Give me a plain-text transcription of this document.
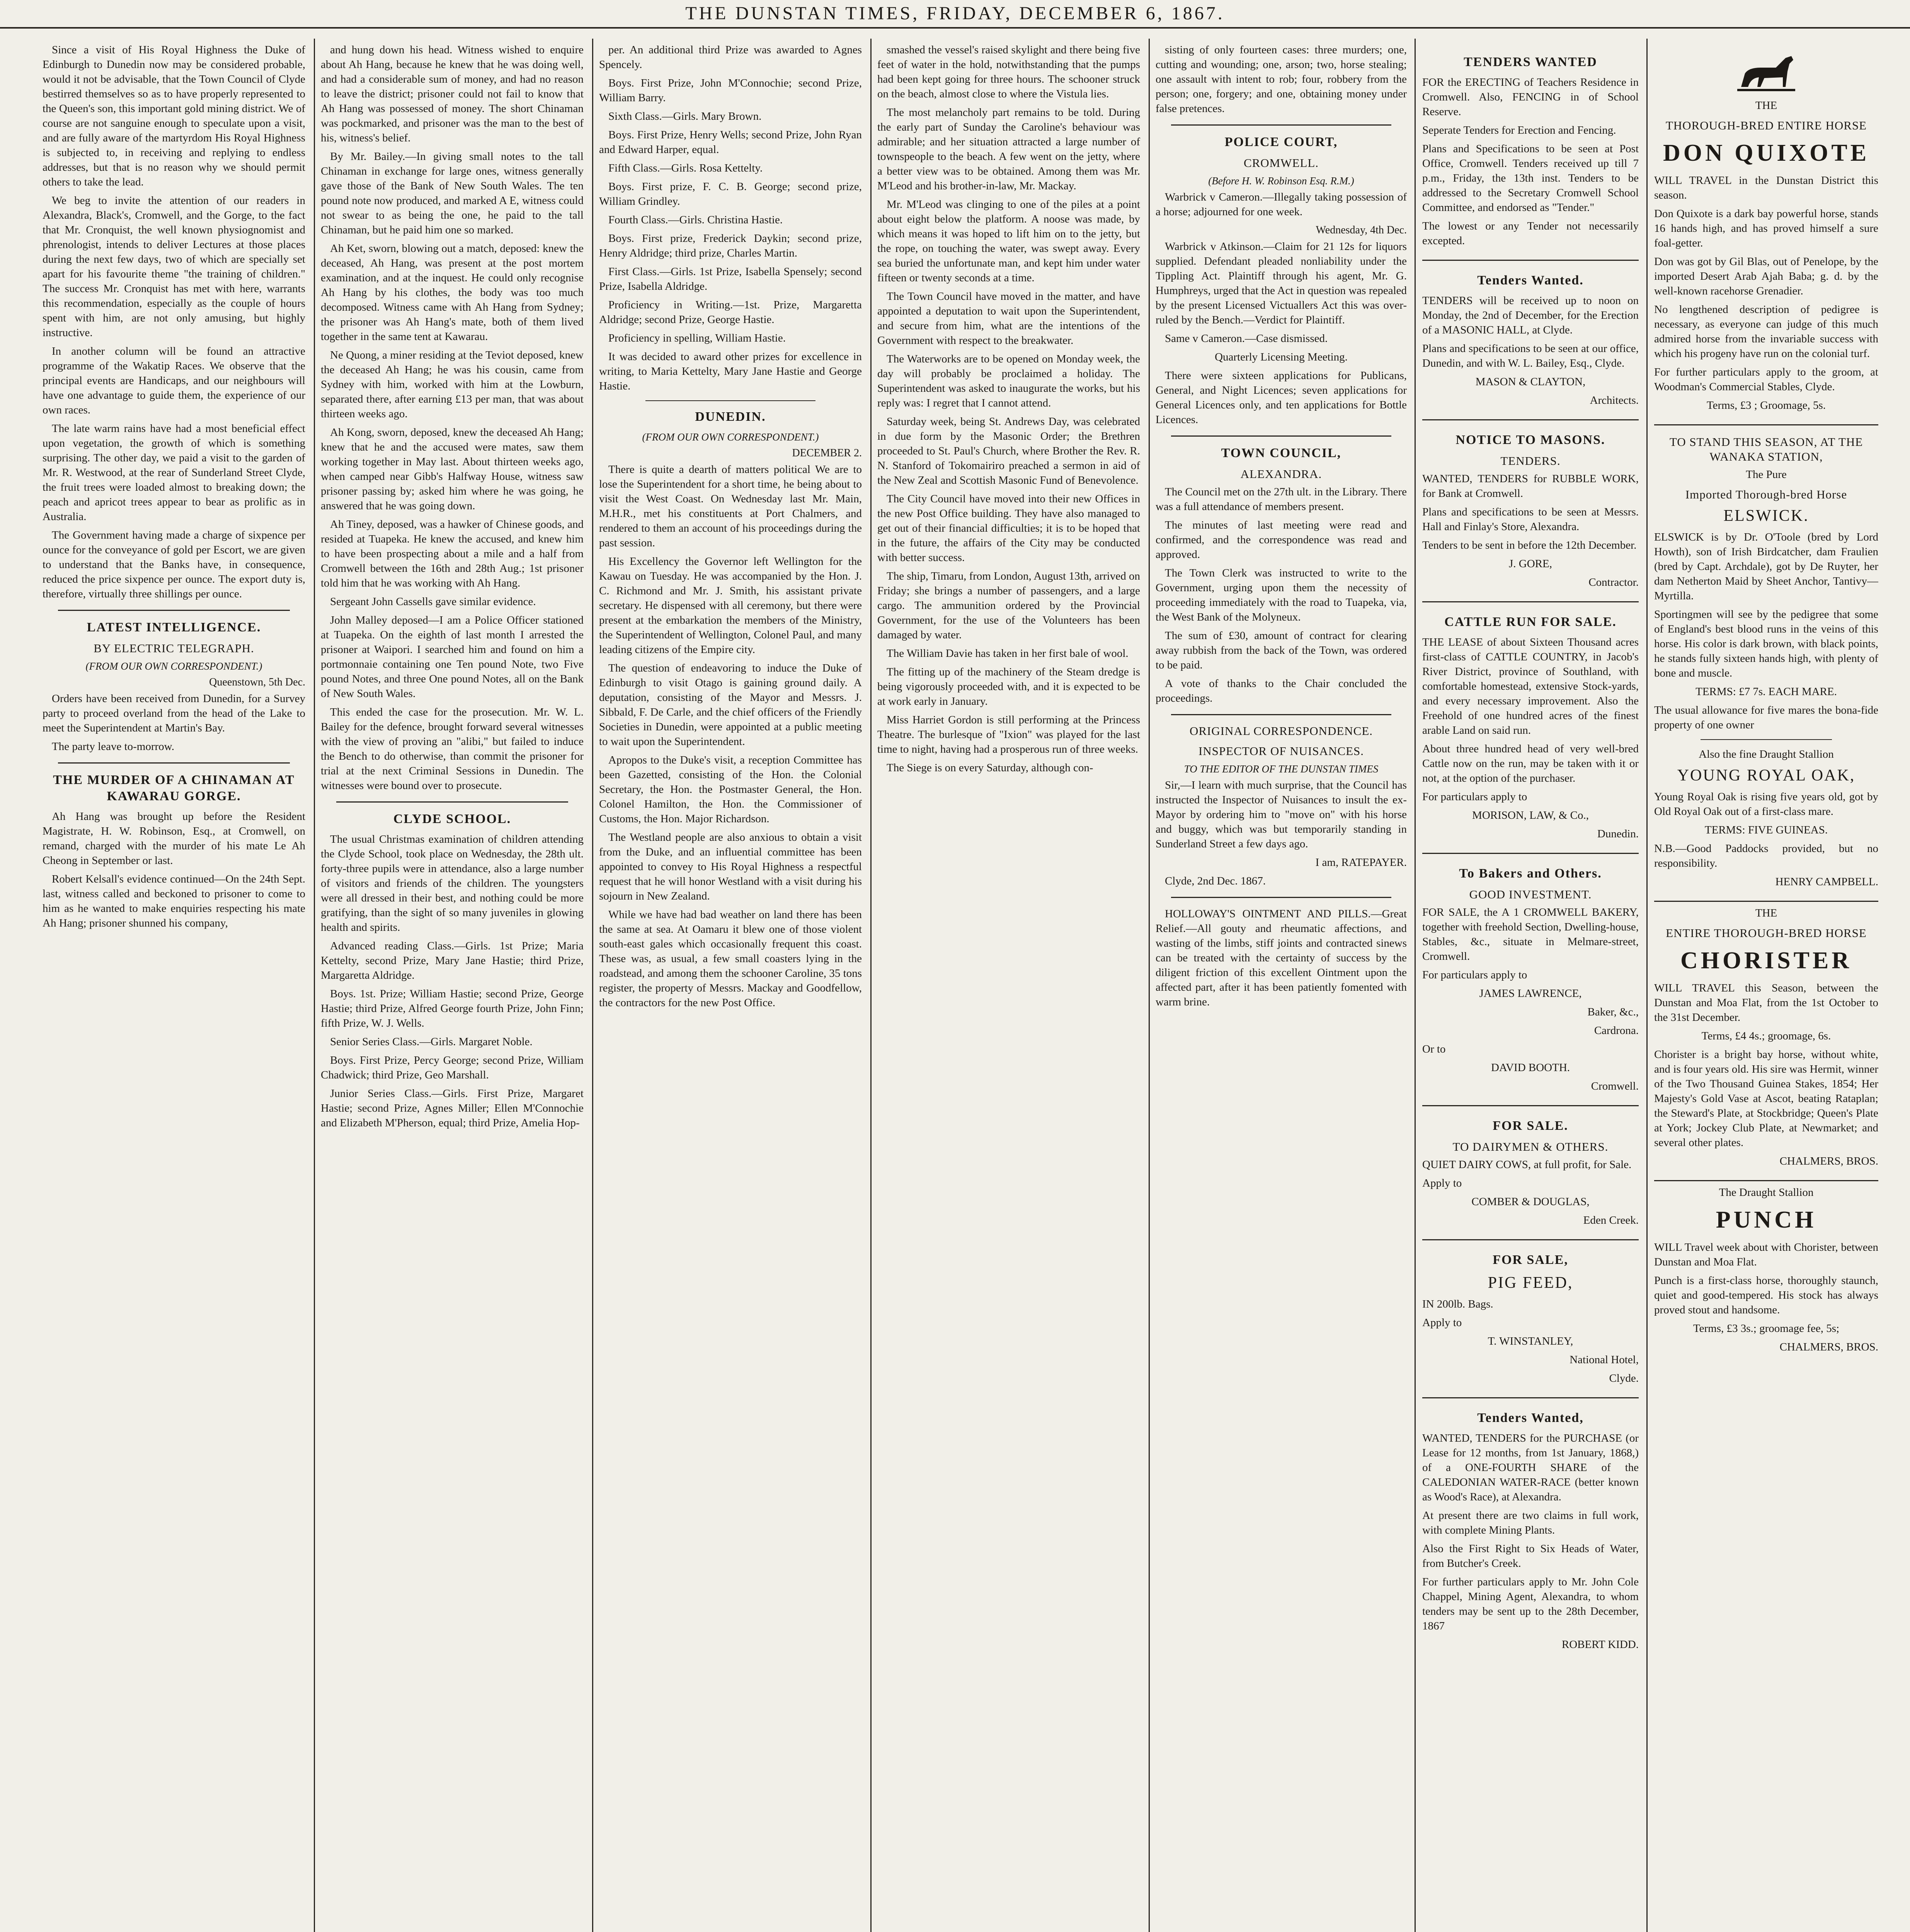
THE DUNSTAN TIMES, FRIDAY, DECEMBER 6, 1867.

Since a visit of His Royal Highness the Duke of Edinburgh to Dunedin now may be considered probable, would it not be advisable, that the Town Council of Clyde bestirred themselves so as to have properly represented to the Queen's son, this important gold mining district. We of course are not sanguine enough to speculate upon a visit, and are fully aware of the martyrdom His Royal Highness is subjected to, in receiving and replying to endless addresses, but that is no reason why we should permit others to take the lead.

We beg to invite the attention of our readers in Alexandra, Black's, Cromwell, and the Gorge, to the fact that Mr. Cronquist, the well known physiognomist and phrenologist, intends to deliver Lectures at those places during the next few days, two of which are specially set apart for his favourite theme "the training of children." The success Mr. Cronquist has met with here, warrants this recommendation, especially as the couple of hours spent with him, are not only amusing, but highly instructive.

In another column will be found an attractive programme of the Wakatip Races. We observe that the principal events are Handicaps, and our neighbours will have one advantage to guide them, the experience of our own races.

The late warm rains have had a most beneficial effect upon vegetation, the growth of which is something surprising. The other day, we paid a visit to the garden of Mr. R. Westwood, at the rear of Sunderland Street Clyde, the fruit trees were loaded almost to breaking down; the peach and apricot trees appear to bear as prolific as in Australia.

The Government having made a charge of sixpence per ounce for the conveyance of gold per Escort, we are given to understand that the Banks have, in consequence, reduced the price sixpence per ounce. The export duty is, therefore, virtually three shillings per ounce.

LATEST INTELLIGENCE.
BY ELECTRIC TELEGRAPH.
(FROM OUR OWN CORRESPONDENT.)
Queenstown, 5th Dec.

Orders have been received from Dunedin, for a Survey party to proceed overland from the head of the Lake to meet the Superintendent at Martin's Bay.

The party leave to-morrow.

THE MURDER OF A CHINAMAN AT KAWARAU GORGE.

Ah Hang was brought up before the Resident Magistrate, H. W. Robinson, Esq., at Cromwell, on remand, charged with the murder of his mate Le Ah Cheong in September or last.

Robert Kelsall's evidence continued—On the 24th Sept. last, witness called and beckoned to prisoner to come to him as he wanted to make enquiries respecting his mate Ah Hang; prisoner shunned his company,

and hung down his head. Witness wished to enquire about Ah Hang, because he knew that he was doing well, and had a considerable sum of money, and had no reason to leave the district; prisoner could not fail to know that Ah Hang was possessed of money. The short Chinaman was pockmarked, and prisoner was the man to the best of his, witness's belief.

By Mr. Bailey.—In giving small notes to the tall Chinaman in exchange for large ones, witness generally gave those of the Bank of New South Wales. The ten pound note now produced, and marked A E, witness could not swear to as being the one, he paid to the tall Chinaman, but he paid him one so marked.

Ah Ket, sworn, blowing out a match, deposed: knew the deceased, Ah Hang, was present at the post mortem examination, and at the inquest. He could only recognise Ah Hang by his clothes, the body was too much decomposed. Witness came with Ah Hang from Sydney; the prisoner was Ah Hang's mate, both of them lived together in the same tent at Kawarau.

Ne Quong, a miner residing at the Teviot deposed, knew the deceased Ah Hang; he was his cousin, came from Sydney with him, worked with him at the Lowburn, separated there, after earning £13 per man, that was about thirteen weeks ago.

Ah Kong, sworn, deposed, knew the deceased Ah Hang; knew that he and the accused were mates, saw them working together in May last. About thirteen weeks ago, when camped near Gibb's Halfway House, witness saw prisoner passing by; asked him where he was going, he answered that he was going down.

Ah Tiney, deposed, was a hawker of Chinese goods, and resided at Tuapeka. He knew the accused, and knew him to have been prospecting about a mile and a half from Cromwell between the 16th and 28th Aug.; 1st prisoner told him that he was working with Ah Hang.

Sergeant John Cassells gave similar evidence.

John Malley deposed—I am a Police Officer stationed at Tuapeka. On the eighth of last month I arrested the prisoner at Waipori. I searched him and found on him a portmonnaie containing one Ten pound Note, two Five pound Notes, and three One pound Notes, all on the Bank of New South Wales.

This ended the case for the prosecution. Mr. W. L. Bailey for the defence, brought forward several witnesses with the view of proving an "alibi," but failed to induce the Bench to do otherwise, than commit the prisoner for trial at the next Criminal Sessions in Dunedin. The witnesses were bound over to prosecute.

CLYDE SCHOOL.

The usual Christmas examination of children attending the Clyde School, took place on Wednesday, the 28th ult. forty-three pupils were in attendance, also a large number of visitors and friends of the children. The youngsters were all dressed in their best, and nothing could be more gratifying, than the sight of so many juveniles in glowing health and spirits.

Advanced reading Class.—Girls. 1st Prize; Maria Kettelty, second Prize, Mary Jane Hastie; third Prize, Margaretta Aldridge.

Boys. 1st. Prize; William Hastie; second Prize, George Hastie; third Prize, Alfred George fourth Prize, John Finn; fifth Prize, W. J. Wells.

Senior Series Class.—Girls. Margaret Noble.

Boys. First Prize, Percy George; second Prize, William Chadwick; third Prize, Geo Marshall.

Junior Series Class.—Girls. First Prize, Margaret Hastie; second Prize, Agnes Miller; Ellen M'Connochie and Elizabeth M'Pherson, equal; third Prize, Amelia Hop-

per. An additional third Prize was awarded to Agnes Spencely.

Boys. First Prize, John M'Connochie; second Prize, William Barry.

Sixth Class.—Girls. Mary Brown.

Boys. First Prize, Henry Wells; second Prize, John Ryan and Edward Harper, equal.

Fifth Class.—Girls. Rosa Kettelty.

Boys. First prize, F. C. B. George; second prize, William Grindley.

Fourth Class.—Girls. Christina Hastie.

Boys. First prize, Frederick Daykin; second prize, Henry Aldridge; third prize, Charles Martin.

First Class.—Girls. 1st Prize, Isabella Spensely; second Prize, Isabella Aldridge.

Proficiency in Writing.—1st. Prize, Margaretta Aldridge; second Prize, George Hastie.

Proficiency in spelling, William Hastie.

It was decided to award other prizes for excellence in writing, to Maria Kettelty, Mary Jane Hastie and George Hastie.

DUNEDIN.
(FROM OUR OWN CORRESPONDENT.)
DECEMBER 2.

There is quite a dearth of matters political We are to lose the Superintendent for a short time, he being about to visit the West Coast. On Wednesday last Mr. Main, M.H.R., met his constituents at Port Chalmers, and rendered to them an account of his proceedings during the past session.

His Excellency the Governor left Wellington for the Kawau on Tuesday. He was accompanied by the Hon. J. C. Richmond and Mr. J. Smith, his assistant private secretary. He dispensed with all ceremony, but there were present at the embarkation the members of the Ministry, the Superintendent of Wellington, Colonel Paul, and many leading citizens of the Empire city.

The question of endeavoring to induce the Duke of Edinburgh to visit Otago is gaining ground daily. A deputation, consisting of the Mayor and Messrs. J. Sibbald, F. De Carle, and the chief officers of the Friendly Societies in Dunedin, were appointed at a public meeting to wait upon the Superintendent.

Apropos to the Duke's visit, a reception Committee has been Gazetted, consisting of the Hon. the Colonial Secretary, the Hon. the Postmaster General, the Hon. Colonel Hamilton, the Hon. the Commissioner of Customs, the Hon. Major Richardson.

The Westland people are also anxious to obtain a visit from the Duke, and an influential committee has been appointed to convey to His Royal Highness a respectful request that he will honor Westland with a visit during his sojourn in New Zealand.

While we have had bad weather on land there has been the same at sea. At Oamaru it blew one of those violent south-east gales which occasionally frequent this coast. These was, as usual, a few small coasters lying in the roadstead, and among them the schooner Caroline, 35 tons register, the property of Messrs. Mackay and Goodfellow, the contractors for the new Post Office.

smashed the vessel's raised skylight and there being five feet of water in the hold, notwithstanding that the pumps had been kept going for three hours. The schooner struck on the beach, almost close to where the Vistula lies.

The most melancholy part remains to be told. During the early part of Sunday the Caroline's behaviour was admirable; and her situation attracted a large number of townspeople to the beach. A few went on the jetty, where a better view was to be obtained. Among them was Mr. M'Leod and his brother-in-law, Mr. Mackay.

Mr. M'Leod was clinging to one of the piles at a point about eight below the platform. A noose was made, by which means it was hoped to lift him on to the jetty, but the rope, on touching the water, was swept away. Every sea buried the unfortunate man, and kept him under water fifteen or twenty seconds at a time.

The Town Council have moved in the matter, and have appointed a deputation to wait upon the Superintendent, and secure from him, what are the intentions of the Government with respect to the breakwater.

The Waterworks are to be opened on Monday week, the day will probably be proclaimed a holiday. The Superintendent was asked to inaugurate the works, but his reply was: I regret that I cannot attend.

Saturday week, being St. Andrews Day, was celebrated in due form by the Masonic Order; the Brethren proceeded to St. Paul's Church, where Brother the Rev. R. N. Stanford of Tokomairiro preached a sermon in aid of the New Zeal and Scottish Masonic Fund of Benevolence.

The City Council have moved into their new Offices in the new Post Office building. They have also managed to get out of their financial difficulties; it is to be hoped that in the future, the affairs of the City may be conducted with better success.

The ship, Timaru, from London, August 13th, arrived on Friday; she brings a number of passengers, and a large cargo. The ammunition ordered by the Provincial Government, for the use of the Volunteers has been damaged by water.

The William Davie has taken in her first bale of wool.

The fitting up of the machinery of the Steam dredge is being vigorously proceeded with, and it is expected to be at work early in January.

Miss Harriet Gordon is still performing at the Princess Theatre. The burlesque of "Ixion" was played for the last time to night, having had a prosperous run of three weeks.

The Siege is on every Saturday, although con-

sisting of only fourteen cases: three murders; one, cutting and wounding; one, arson; two, horse stealing; one assault with intent to rob; four, robbery from the person; one, forgery; and one, obtaining money under false pretences.

POLICE COURT,
CROMWELL.
(Before H. W. Robinson Esq. R.M.)

Warbrick v Cameron.—Illegally taking possession of a horse; adjourned for one week.

Wednesday, 4th Dec.

Warbrick v Atkinson.—Claim for 21 12s for liquors supplied. Defendant pleaded nonliability under the Tippling Act. Plaintiff through his agent, Mr. G. Humphreys, urged that the Act in question was repealed by the present Licensed Victuallers Act this was over-ruled by the Bench.—Verdict for Plaintiff.

Same v Cameron.—Case dismissed.

Quarterly Licensing Meeting.

There were sixteen applications for Publicans, General, and Night Licences; seven applications for General Licences only, and ten applications for Bottle Licences.

TOWN COUNCIL,
ALEXANDRA.

The Council met on the 27th ult. in the Library. There was a full attendance of members present.

The minutes of last meeting were read and confirmed, and the correspondence was read and approved.

The Town Clerk was instructed to write to the Government, urging upon them the necessity of proceeding immediately with the road to Tuapeka, via, the West Bank of the Molyneux.

The sum of £30, amount of contract for clearing away rubbish from the back of the Town, was ordered to be paid.

A vote of thanks to the Chair concluded the proceedings.

ORIGINAL CORRESPONDENCE.
INSPECTOR OF NUISANCES.
TO THE EDITOR OF THE DUNSTAN TIMES

Sir,—I learn with much surprise, that the Council has instructed the Inspector of Nuisances to insult the ex-Mayor by ordering him to "move on" with his horse and buggy, which was but temporarily standing in Sunderland Street a few days ago.

I am, RATEPAYER.

Clyde, 2nd Dec. 1867.

HOLLOWAY'S OINTMENT AND PILLS.—Great Relief.—All gouty and rheumatic affections, and wasting of the limbs, stiff joints and contracted sinews can be treated with the certainty of success by the diligent friction of this excellent Ointment upon the affected part, after it has been patiently fomented with warm brine.

TENDERS WANTED

FOR the ERECTING of Teachers Residence in Cromwell. Also, FENCING in of School Reserve.

Seperate Tenders for Erection and Fencing.

Plans and Specifications to be seen at Post Office, Cromwell. Tenders received up till 7 p.m., Friday, the 13th inst. Tenders to be addressed to the Secretary Cromwell School Committee, and endorsed as "Tender."

The lowest or any Tender not necessarily excepted.

Tenders Wanted.

TENDERS will be received up to noon on Monday, the 2nd of December, for the Erection of a MASONIC HALL, at Clyde.

Plans and specifications to be seen at our office, Dunedin, and with W. L. Bailey, Esq., Clyde.

MASON & CLAYTON,

Architects.

NOTICE TO MASONS.
TENDERS.

WANTED, TENDERS for RUBBLE WORK, for Bank at Cromwell.

Plans and specifications to be seen at Messrs. Hall and Finlay's Store, Alexandra.

Tenders to be sent in before the 12th December.

J. GORE,

Contractor.

CATTLE RUN FOR SALE.

THE LEASE of about Sixteen Thousand acres first-class of CATTLE COUNTRY, in Jacob's River District, province of Southland, with comfortable homestead, extensive Stock-yards, and every necessary improvement. Also the Freehold of one hundred acres of the finest arable Land on said run.

About three hundred head of very well-bred Cattle now on the run, may be taken with it or not, at the option of the purchaser.

For particulars apply to

MORISON, LAW, & Co.,

Dunedin.

To Bakers and Others.
GOOD INVESTMENT.

FOR SALE, the A 1 CROMWELL BAKERY, together with freehold Section, Dwelling-house, Stables, &c., situate in Melmare-street, Cromwell.

For particulars apply to

JAMES LAWRENCE,

Baker, &c.,

Cardrona.

Or to

DAVID BOOTH.

Cromwell.

FOR SALE.
TO DAIRYMEN & OTHERS.

QUIET DAIRY COWS, at full profit, for Sale.

Apply to

COMBER & DOUGLAS,

Eden Creek.

FOR SALE,
PIG FEED,

IN 200lb. Bags.

Apply to

T. WINSTANLEY,

National Hotel,

Clyde.

Tenders Wanted,

WANTED, TENDERS for the PURCHASE (or Lease for 12 months, from 1st January, 1868,) of a ONE-FOURTH SHARE of the CALEDONIAN WATER-RACE (better known as Wood's Race), at Alexandra.

At present there are two claims in full work, with complete Mining Plants.

Also the First Right to Six Heads of Water, from Butcher's Creek.

For further particulars apply to Mr. John Cole Chappel, Mining Agent, Alexandra, to whom tenders may be sent up to the 28th December, 1867

ROBERT KIDD.

THE
THOROUGH-BRED ENTIRE HORSE
DON QUIXOTE

WILL TRAVEL in the Dunstan District this season.

Don Quixote is a dark bay powerful horse, stands 16 hands high, and has proved himself a sure foal-getter.

Don was got by Gil Blas, out of Penelope, by the imported Desert Arab Ajah Baba; g. d. by the well-known racehorse Grenadier.

No lengthened description of pedigree is necessary, as everyone can judge of this much admired horse from the invariable success with which his progeny have run on the colonial turf.

For further particulars apply to the groom, at Woodman's Commercial Stables, Clyde.

Terms, £3 ; Groomage, 5s.

TO STAND THIS SEASON, AT THE WANAKA STATION,
The Pure
Imported Thorough-bred Horse
ELSWICK.

ELSWICK is by Dr. O'Toole (bred by Lord Howth), son of Irish Birdcatcher, dam Fraulien (bred by Capt. Archdale), got by De Ruyter, her dam Netherton Maid by Sheet Anchor, Tantivy—Myrtilla.

Sportingmen will see by the pedigree that some of England's best blood runs in the veins of this horse. His color is dark brown, with black points, he stands fully sixteen hands high, with plenty of bone and muscle.

TERMS: £7 7s. EACH MARE.

The usual allowance for five mares the bona-fide property of one owner

Also the fine Draught Stallion
YOUNG ROYAL OAK,

Young Royal Oak is rising five years old, got by Old Royal Oak out of a first-class mare.

TERMS: FIVE GUINEAS.

N.B.—Good Paddocks provided, but no responsibility.

HENRY CAMPBELL.

THE
ENTIRE THOROUGH-BRED HORSE
CHORISTER

WILL TRAVEL this Season, between the Dunstan and Moa Flat, from the 1st October to the 31st December.

Terms, £4 4s.; groomage, 6s.

Chorister is a bright bay horse, without white, and is four years old. His sire was Hermit, winner of the Two Thousand Guinea Stakes, 1854; Her Majesty's Gold Vase at Ascot, beating Rataplan; the Steward's Plate, at Stockbridge; Queen's Plate at York; Jockey Club Plate, at Newmarket; and several other plates.

CHALMERS, BROS.

The Draught Stallion
PUNCH

WILL Travel week about with Chorister, between Dunstan and Moa Flat.

Punch is a first-class horse, thoroughly staunch, quiet and good-tempered. His stock has always proved stout and handsome.

Terms, £3 3s.; groomage fee, 5s;

CHALMERS, BROS.
